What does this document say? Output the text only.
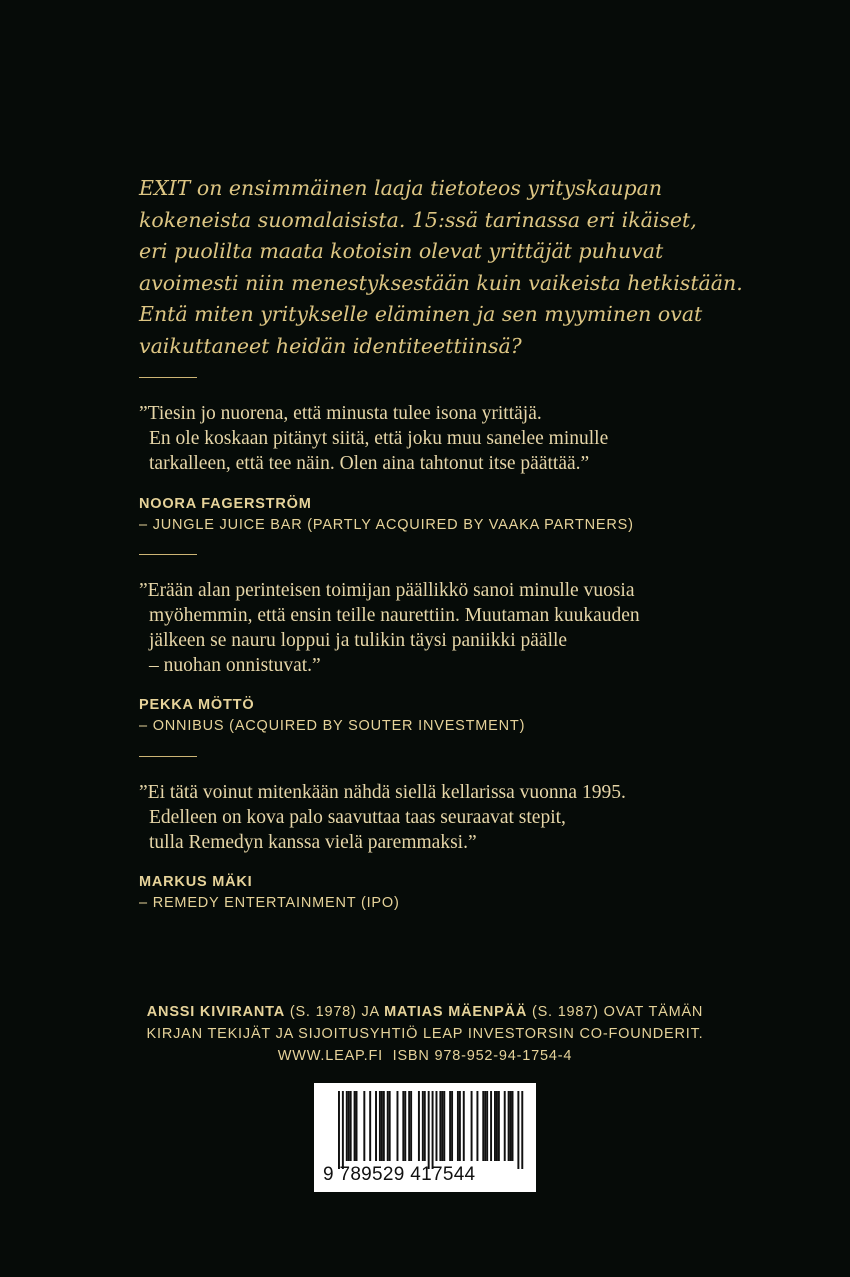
EXIT on ensimmäinen laaja tietoteos yrityskaupan
kokeneista suomalaisista. 15:ssä tarinassa eri ikäiset,
eri puolilta maata kotoisin olevat yrittäjät puhuvat
avoimesti niin menestyksestään kuin vaikeista hetkistään.
Entä miten yritykselle eläminen ja sen myyminen ovat
vaikuttaneet heidän identiteettiinsä?

”Tiesin jo nuorena, että minusta tulee isona yrittäjä.
En ole koskaan pitänyt siitä, että joku muu sanelee minulle
tarkalleen, että tee näin. Olen aina tahtonut itse päättää.”
NOORA FAGERSTRÖM
– JUNGLE JUICE BAR (PARTLY ACQUIRED BY VAAKA PARTNERS)
”Erään alan perinteisen toimijan päällikkö sanoi minulle vuosia
myöhemmin, että ensin teille naurettiin. Muutaman kuukauden
jälkeen se nauru loppui ja tulikin täysi paniikki päälle
– nuohan onnistuvat.”
PEKKA MÖTTÖ
– ONNIBUS (ACQUIRED BY SOUTER INVESTMENT)
”Ei tätä voinut mitenkään nähdä siellä kellarissa vuonna 1995.
Edelleen on kova palo saavuttaa taas seuraavat stepit,
tulla Remedyn kanssa vielä paremmaksi.”
MARKUS MÄKI
– REMEDY ENTERTAINMENT (IPO)
ANSSI KIVIRANTA (S. 1978) JA MATIAS MÄENPÄÄ (S. 1987) OVAT TÄMÄN
KIRJAN TEKIJÄT JA SIJOITUSYHTIÖ LEAP INVESTORSIN CO-FOUNDERIT.
WWW.LEAP.FI  ISBN 978-952-94-1754-4
9 789529 417544
